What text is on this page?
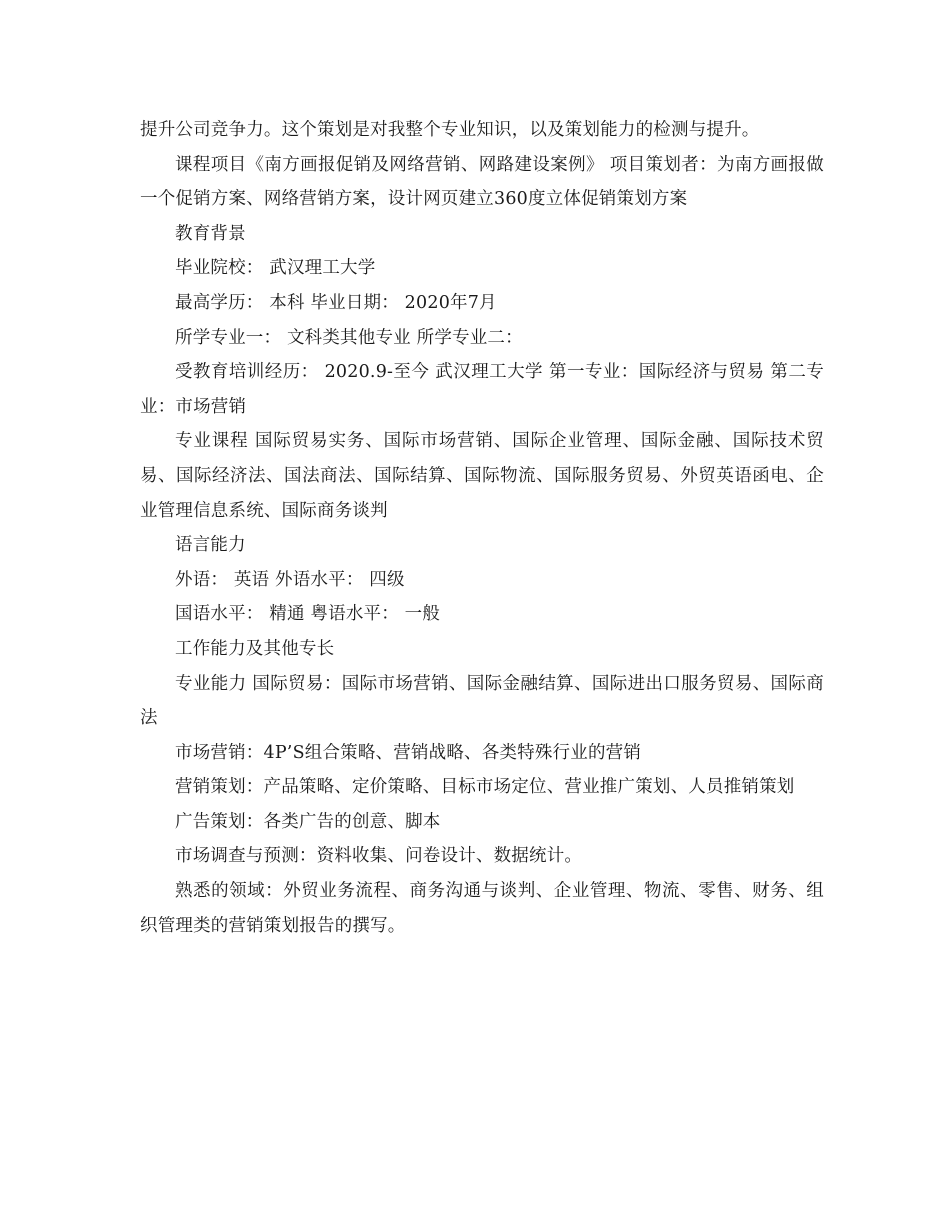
提升公司竞争力。这个策划是对我整个专业知识，以及策划能力的检测与提升。

课程项目《南方画报促销及网络营销、网路建设案例》 项目策划者：为南方画报做一个促销方案、网络营销方案，设计网页建立360度立体促销策划方案

教育背景

毕业院校： 武汉理工大学

最高学历： 本科 毕业日期： 2020年7月

所学专业一： 文科类其他专业 所学专业二：

受教育培训经历： 2020.9-至今 武汉理工大学 第一专业：国际经济与贸易 第二专业：市场营销

专业课程 国际贸易实务、国际市场营销、国际企业管理、国际金融、国际技术贸易、国际经济法、国法商法、国际结算、国际物流、国际服务贸易、外贸英语函电、企业管理信息系统、国际商务谈判

语言能力

外语： 英语 外语水平： 四级

国语水平： 精通 粤语水平： 一般

工作能力及其他专长

专业能力 国际贸易：国际市场营销、国际金融结算、国际进出口服务贸易、国际商法

市场营销：4P’S组合策略、营销战略、各类特殊行业的营销

营销策划：产品策略、定价策略、目标市场定位、营业推广策划、人员推销策划

广告策划：各类广告的创意、脚本

市场调查与预测：资料收集、问卷设计、数据统计。

熟悉的领域：外贸业务流程、商务沟通与谈判、企业管理、物流、零售、财务、组织管理类的营销策划报告的撰写。
